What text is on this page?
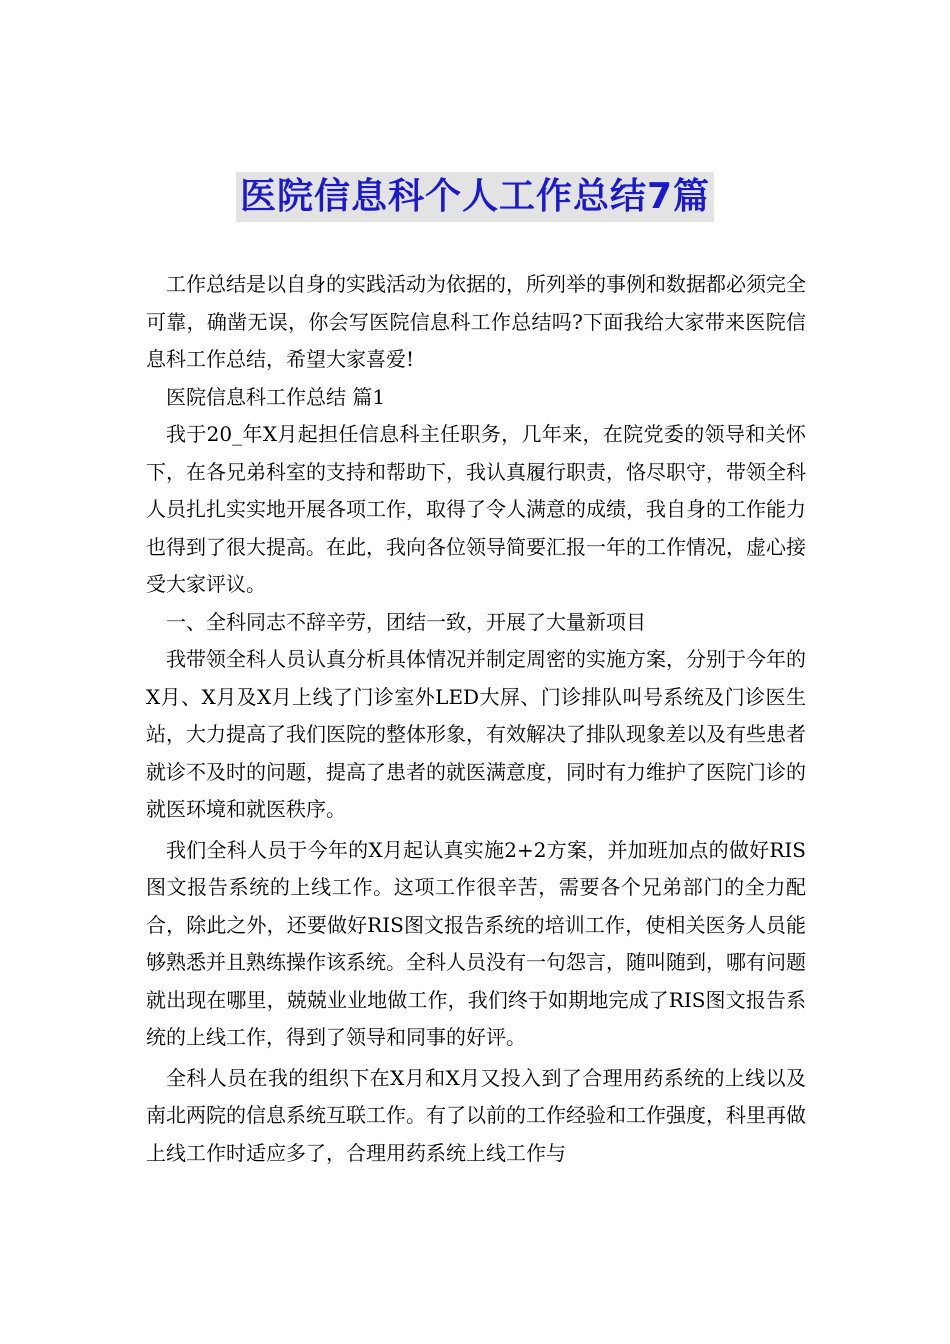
医院信息科个人工作总结7篇

工作总结是以自身的实践活动为依据的，所列举的事例和数据都必须完全可靠，确凿无误，你会写医院信息科工作总结吗?下面我给大家带来医院信息科工作总结，希望大家喜爱!

医院信息科工作总结 篇1

我于20_年X月起担任信息科主任职务，几年来，在院党委的领导和关怀下，在各兄弟科室的支持和帮助下，我认真履行职责，恪尽职守，带领全科人员扎扎实实地开展各项工作，取得了令人满意的成绩，我自身的工作能力也得到了很大提高。在此，我向各位领导简要汇报一年的工作情况，虚心接受大家评议。

一、全科同志不辞辛劳，团结一致，开展了大量新项目

我带领全科人员认真分析具体情况并制定周密的实施方案，分别于今年的X月、X月及X月上线了门诊室外LED大屏、门诊排队叫号系统及门诊医生站，大力提高了我们医院的整体形象，有效解决了排队现象差以及有些患者就诊不及时的问题，提高了患者的就医满意度，同时有力维护了医院门诊的就医环境和就医秩序。

我们全科人员于今年的X月起认真实施2+2方案，并加班加点的做好RIS图文报告系统的上线工作。这项工作很辛苦，需要各个兄弟部门的全力配合，除此之外，还要做好RIS图文报告系统的培训工作，使相关医务人员能够熟悉并且熟练操作该系统。全科人员没有一句怨言，随叫随到，哪有问题就出现在哪里，兢兢业业地做工作，我们终于如期地完成了RIS图文报告系统的上线工作，得到了领导和同事的好评。

全科人员在我的组织下在X月和X月又投入到了合理用药系统的上线以及南北两院的信息系统互联工作。有了以前的工作经验和工作强度，科里再做上线工作时适应多了，合理用药系统上线工作与
